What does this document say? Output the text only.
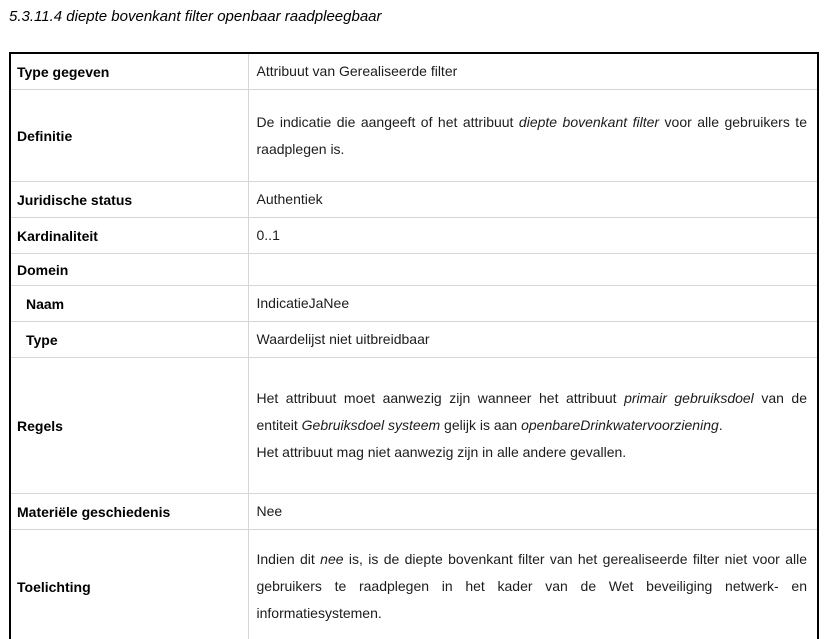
5.3.11.4 diepte bovenkant filter openbaar raadpleegbaar
Type gegeven	Attribuut van Gerealiseerde filter

Definitie	De indicatie die aangeeft of het attribuut diepte bovenkant filter voor alle gebruikers te raadplegen is.

Juridische status	Authentiek

Kardinaliteit	0..1

Domein	
Naam	IndicatieJaNee

Type	Waardelijst niet uitbreidbaar

Regels	Het attribuut moet aanwezig zijn wanneer het attribuut primair gebruiksdoel van de entiteit Gebruiksdoel systeem gelijk is aan openbareDrinkwatervoorziening.

Het attribuut mag niet aanwezig zijn in alle andere gevallen.

Materiële geschiedenis	Nee

Toelichting	Indien dit nee is, is de diepte bovenkant filter van het gerealiseerde filter niet voor alle gebruikers te raadplegen in het kader van de Wet beveiliging netwerk- en informatiesystemen.
